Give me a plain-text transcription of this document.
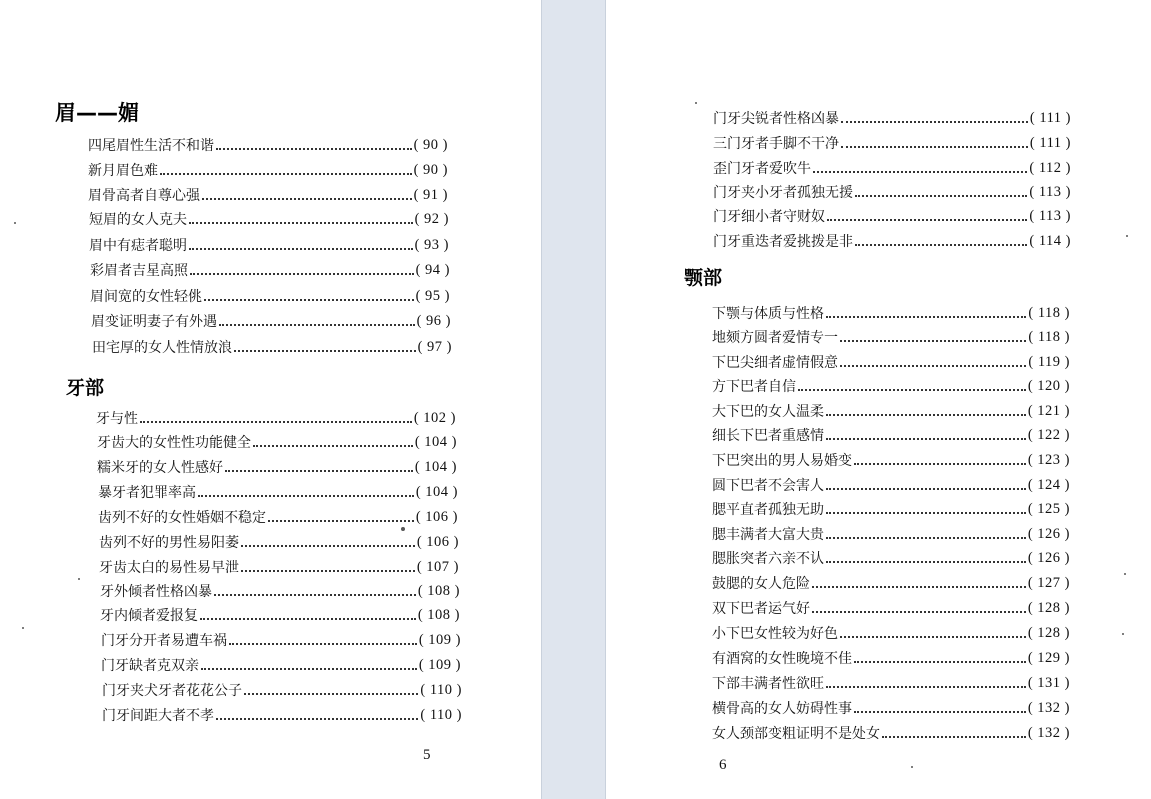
眉——媚
四尾眉性生活不和谐	( 90 )
新月眉色难	( 90 )
眉骨高者自尊心强	( 91 )
短眉的女人克夫	( 92 )
眉中有痣者聪明	( 93 )
彩眉者吉星高照	( 94 )
眉间宽的女性轻佻	( 95 )
眉变证明妻子有外遇	( 96 )
田宅厚的女人性情放浪	( 97 )
牙部
牙与性	( 102 )
牙齿大的女性性功能健全	( 104 )
糯米牙的女人性感好	( 104 )
暴牙者犯罪率高	( 104 )
齿列不好的女性婚姻不稳定	( 106 )
齿列不好的男性易阳萎	( 106 )
牙齿太白的易性易早泄	( 107 )
牙外倾者性格凶暴	( 108 )
牙内倾者爱报复	( 108 )
门牙分开者易遭车祸	( 109 )
门牙缺者克双亲	( 109 )
门牙夹犬牙者花花公子	( 110 )
门牙间距大者不孝	( 110 )
5
门牙尖锐者性格凶暴	( 111 )
三门牙者手脚不干净	( 111 )
歪门牙者爱吹牛	( 112 )
门牙夹小牙者孤独无援	( 113 )
门牙细小者守财奴	( 113 )
门牙重迭者爱挑拨是非	( 114 )
颚部
下颚与体质与性格	( 118 )
地颏方圆者爱情专一	( 118 )
下巴尖细者虚情假意	( 119 )
方下巴者自信	( 120 )
大下巴的女人温柔	( 121 )
细长下巴者重感情	( 122 )
下巴突出的男人易婚变	( 123 )
圆下巴者不会害人	( 124 )
腮平直者孤独无助	( 125 )
腮丰满者大富大贵	( 126 )
腮胀突者六亲不认	( 126 )
鼓腮的女人危险	( 127 )
双下巴者运气好	( 128 )
小下巴女性较为好色	( 128 )
有酒窝的女性晚境不佳	( 129 )
下部丰满者性欲旺	( 131 )
横骨高的女人妨碍性事	( 132 )
女人颈部变粗证明不是处女	( 132 )
6
